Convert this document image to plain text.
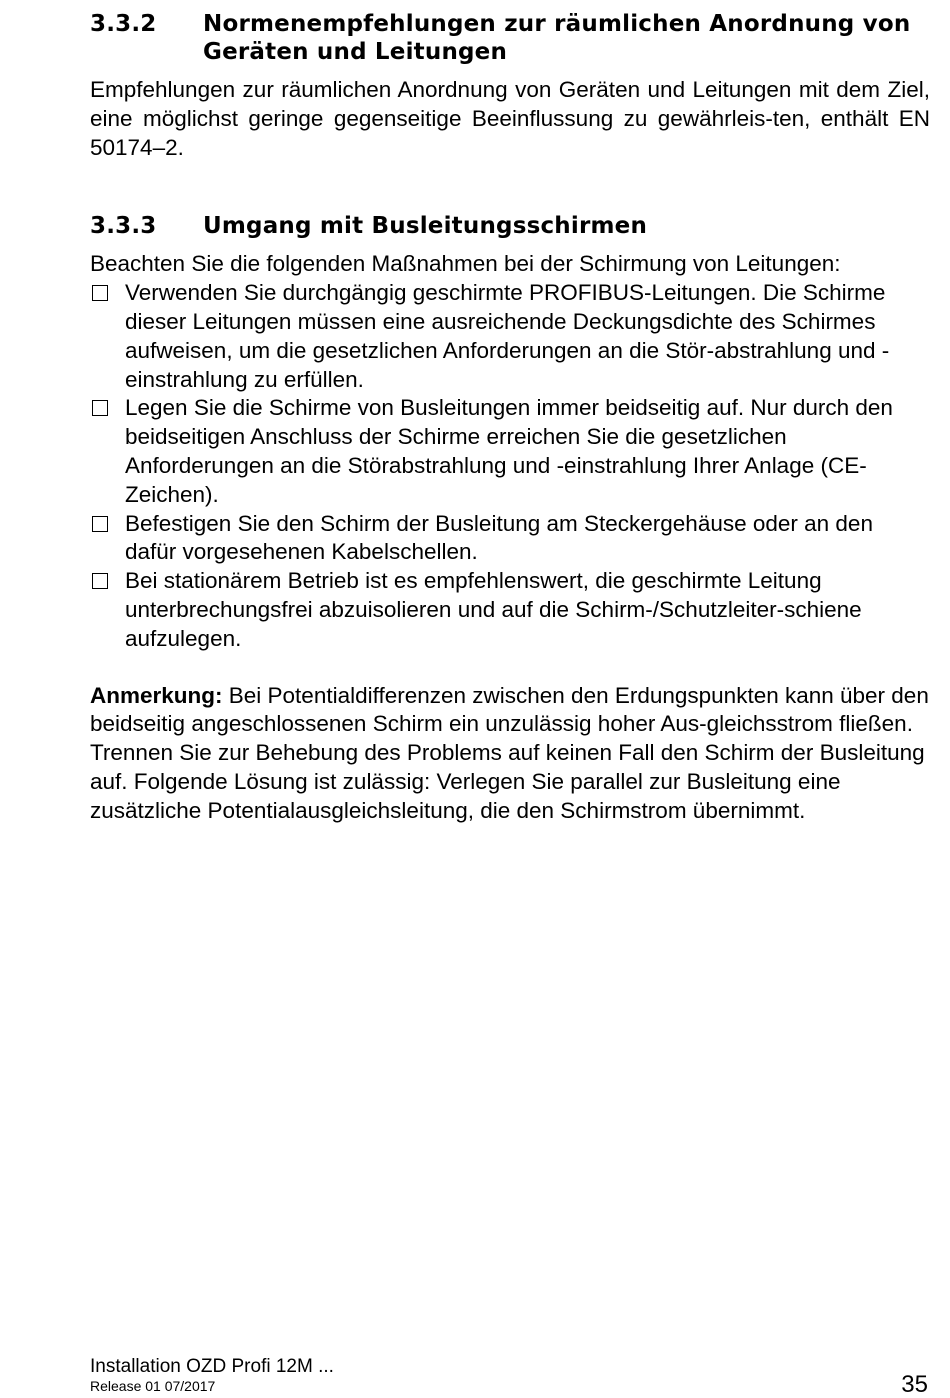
3.3.2	Normenempfehlungen zur räumlichen Anordnung von Geräten und Leitungen

Empfehlungen zur räumlichen Anordnung von Geräten und Leitungen mit dem Ziel, eine möglichst geringe gegenseitige Beeinflussung zu gewährleis-ten, enthält EN 50174–2.

3.3.3	Umgang mit Busleitungsschirmen

Beachten Sie die folgenden Maßnahmen bei der Schirmung von Leitungen:

Verwenden Sie durchgängig geschirmte PROFIBUS-Leitungen. Die Schirme dieser Leitungen müssen eine ausreichende Deckungsdichte des Schirmes aufweisen, um die gesetzlichen Anforderungen an die Stör-abstrahlung und -einstrahlung zu erfüllen.
Legen Sie die Schirme von Busleitungen immer beidseitig auf. Nur durch den beidseitigen Anschluss der Schirme erreichen Sie die gesetzlichen Anforderungen an die Störabstrahlung und -einstrahlung Ihrer Anlage (CE-Zeichen).
Befestigen Sie den Schirm der Busleitung am Steckergehäuse oder an den dafür vorgesehenen Kabelschellen.
Bei stationärem Betrieb ist es empfehlenswert, die geschirmte Leitung unterbrechungsfrei abzuisolieren und auf die Schirm-/Schutzleiter-schiene aufzulegen.

Anmerkung: Bei Potentialdifferenzen zwischen den Erdungspunkten kann über den beidseitig angeschlossenen Schirm ein unzulässig hoher Aus-gleichsstrom fließen. Trennen Sie zur Behebung des Problems auf keinen Fall den Schirm der Busleitung auf. Folgende Lösung ist zulässig: Verlegen Sie parallel zur Busleitung eine zusätzliche Potentialausgleichsleitung, die den Schirmstrom übernimmt.

Installation OZD Profi 12M ...
Release 01 07/2017	35
